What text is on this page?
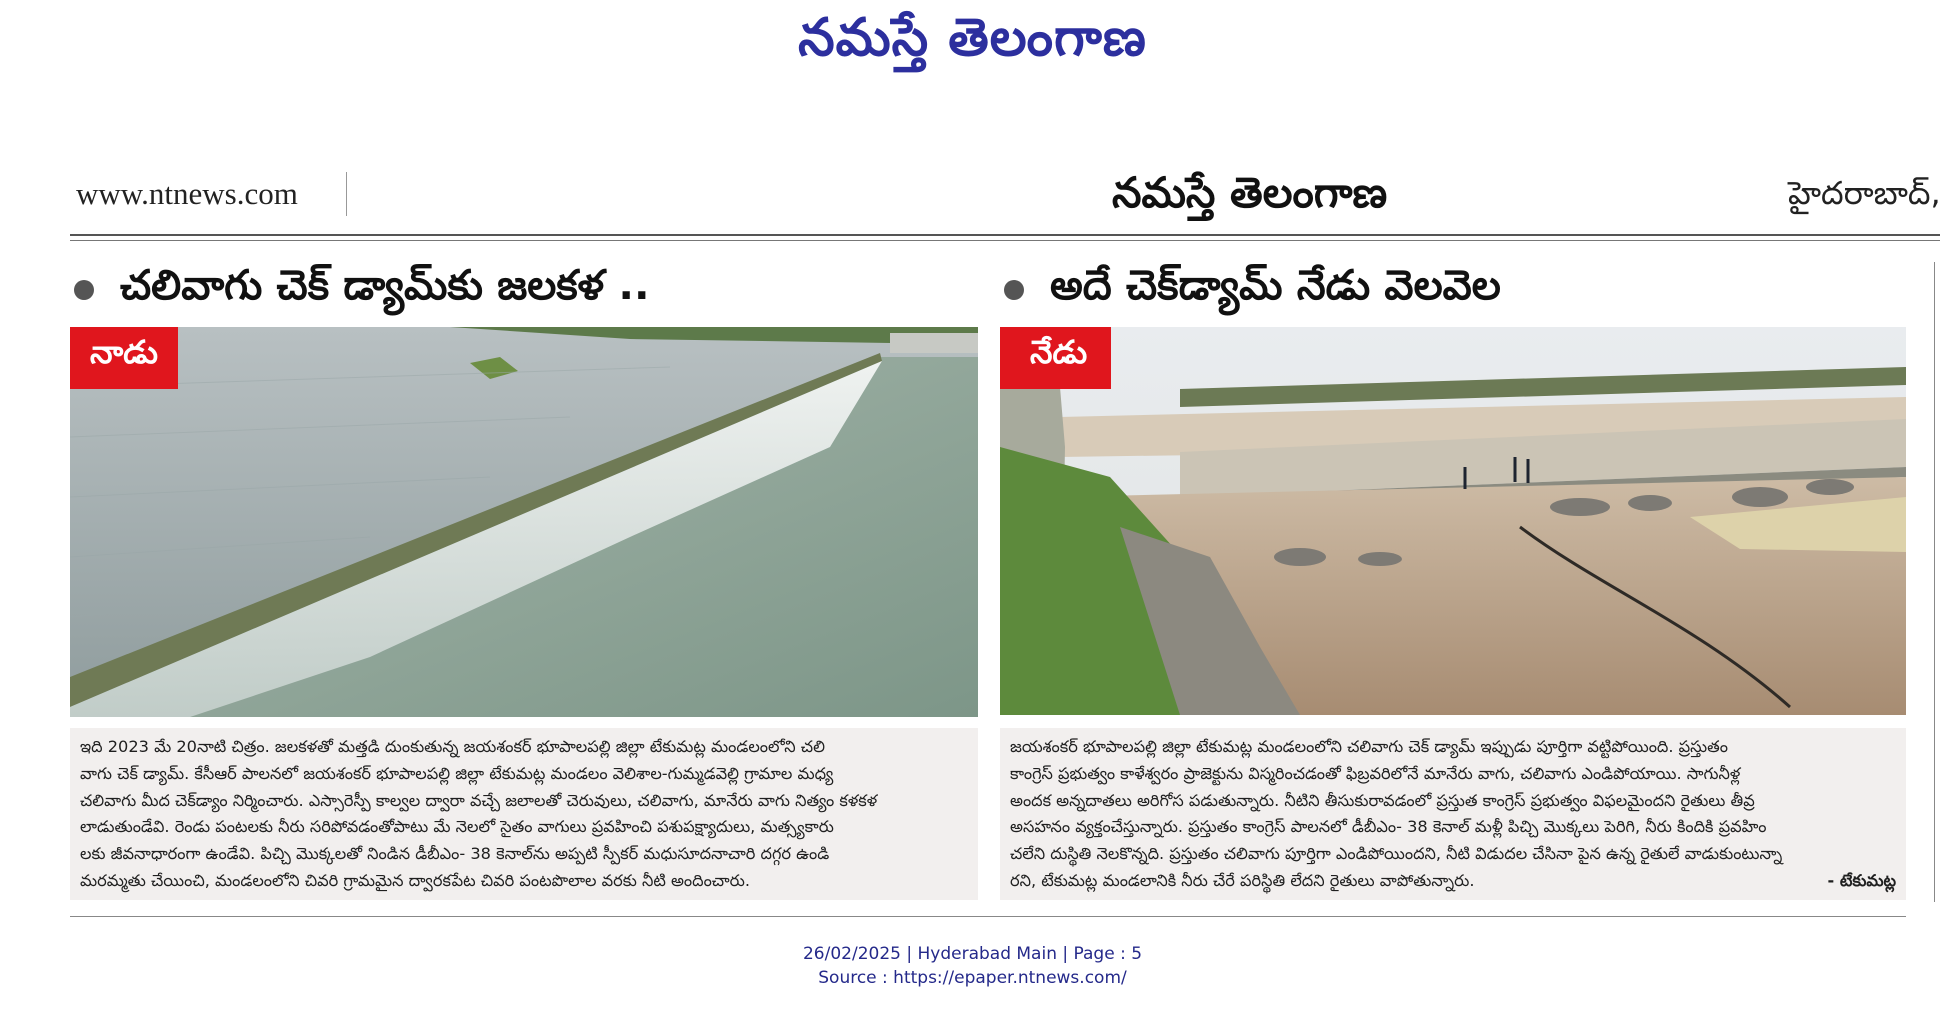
నమస్తే తెలంగాణ
www.ntnews.com	నమస్తే తెలంగాణ	హైదరాబాద్,
చలివాగు చెక్ డ్యామ్‌కు జలకళ ..
నాడు
ఇది 2023 మే 20నాటి చిత్రం. జలకళతో మత్తడి దుంకుతున్న జయశంకర్ భూపాలపల్లి జిల్లా టేకుమట్ల మండలంలోని చలి
వాగు చెక్ డ్యామ్. కేసీఆర్ పాలనలో జయశంకర్ భూపాలపల్లి జిల్లా టేకుమట్ల మండలం వెలిశాల-గుమ్మడవెల్లి గ్రామాల మధ్య
చలివాగు మీద చెక్‌డ్యాం నిర్మించారు. ఎస్సారెస్పీ కాల్వల ద్వారా వచ్చే జలాలతో చెరువులు, చలివాగు, మానేరు వాగు నిత్యం కళకళ
లాడుతుండేవి. రెండు పంటలకు నీరు సరిపోవడంతోపాటు మే నెలలో సైతం వాగులు ప్రవహించి పశుపక్ష్యాదులు, మత్స్యకారు
లకు జీవనాధారంగా ఉండేవి. పిచ్చి మొక్కలతో నిండిన డీబీఎం- 38 కెనాల్‌ను అప్పటి స్పీకర్ మధుసూదనాచారి దగ్గర ఉండి
మరమ్మతు చేయించి, మండలంలోని చివరి గ్రామమైన ద్వారకపేట చివరి పంటపొలాల వరకు నీటి అందించారు.
అదే చెక్‌డ్యామ్ నేడు వెలవెల
నేడు
జయశంకర్ భూపాలపల్లి జిల్లా టేకుమట్ల మండలంలోని చలివాగు చెక్ డ్యామ్ ఇప్పుడు పూర్తిగా వట్టిపోయింది. ప్రస్తుతం
కాంగ్రెస్ ప్రభుత్వం కాళేశ్వరం ప్రాజెక్టును విస్మరించడంతో ఫిబ్రవరిలోనే మానేరు వాగు, చలివాగు ఎండిపోయాయి. సాగునీళ్ల
అందక అన్నదాతలు అరిగోస పడుతున్నారు. నీటిని తీసుకురావడంలో ప్రస్తుత కాంగ్రెస్ ప్రభుత్వం విఫలమైందని రైతులు తీవ్ర
అసహనం వ్యక్తంచేస్తున్నారు. ప్రస్తుతం కాంగ్రెస్ పాలనలో డీబీఎం- 38 కెనాల్ మళ్లీ పిచ్చి మొక్కలు పెరిగి, నీరు కిందికి ప్రవహిం
చలేని దుస్థితి నెలకొన్నది. ప్రస్తుతం చలివాగు పూర్తిగా ఎండిపోయిందని, నీటి విడుదల చేసినా పైన ఉన్న రైతులే వాడుకుంటున్నా
రని, టేకుమట్ల మండలానికి నీరు చేరే పరిస్థితి లేదని రైతులు వాపోతున్నారు.	- టేకుమట్ల
26/02/2025 | Hyderabad Main | Page : 5
Source : https://epaper.ntnews.com/
